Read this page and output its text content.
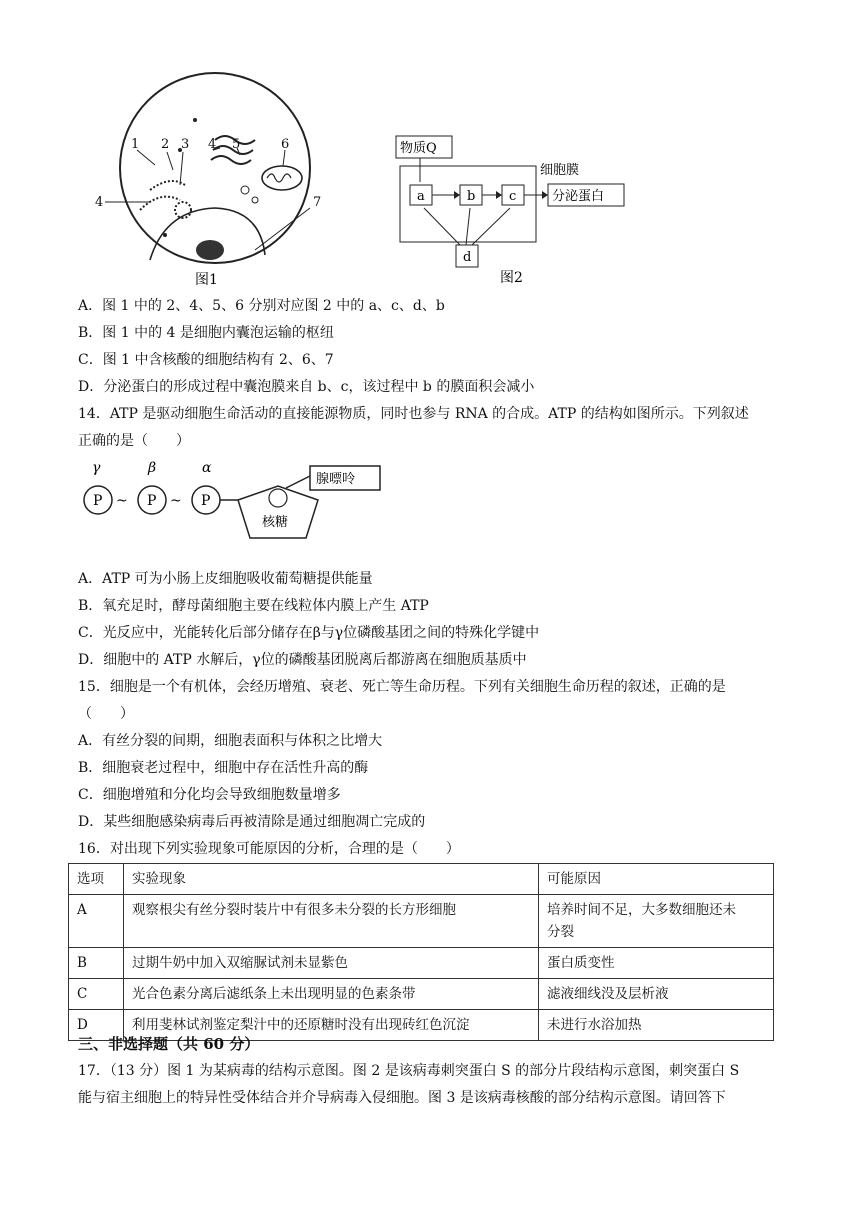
1 2 3 4 5	6
4	7
图1
物质Q
细胞膜
a	b	c	分泌蛋白
d
图2
A．图 1 中的 2、4、5、6 分别对应图 2 中的 a、c、d、b
B．图 1 中的 4 是细胞内囊泡运输的枢纽
C．图 1 中含核酸的细胞结构有 2、6、7
D．分泌蛋白的形成过程中囊泡膜来自 b、c，该过程中 b 的膜面积会减小
14．ATP 是驱动细胞生命活动的直接能源物质，同时也参与 RNA 的合成。ATP 的结构如图所示。下列叙述
正确的是（　　）
γ	β	α
P ~ P ~ P
核糖
腺嘌呤
A．ATP 可为小肠上皮细胞吸收葡萄糖提供能量
B．氧充足时，酵母菌细胞主要在线粒体内膜上产生 ATP
C．光反应中，光能转化后部分储存在β与γ位磷酸基团之间的特殊化学键中
D．细胞中的 ATP 水解后，γ位的磷酸基团脱离后都游离在细胞质基质中
15．细胞是一个有机体，会经历增殖、衰老、死亡等生命历程。下列有关细胞生命历程的叙述，正确的是
（　　）
A．有丝分裂的间期，细胞表面积与体积之比增大
B．细胞衰老过程中，细胞中存在活性升高的酶
C．细胞增殖和分化均会导致细胞数量增多
D．某些细胞感染病毒后再被清除是通过细胞凋亡完成的
16．对出现下列实验现象可能原因的分析，合理的是（　　）
选项	实验现象	可能原因
A	观察根尖有丝分裂时装片中有很多未分裂的长方形细胞	培养时间不足，大多数细胞还未
分裂
B	过期牛奶中加入双缩脲试剂未显紫色	蛋白质变性
C	光合色素分离后滤纸条上未出现明显的色素条带	滤液细线没及层析液
D	利用斐林试剂鉴定梨汁中的还原糖时没有出现砖红色沉淀	未进行水浴加热
三、非选择题（共 60 分）
17．（13 分）图 1 为某病毒的结构示意图。图 2 是该病毒刺突蛋白 S 的部分片段结构示意图，刺突蛋白 S
能与宿主细胞上的特异性受体结合并介导病毒入侵细胞。图 3 是该病毒核酸的部分结构示意图。请回答下
